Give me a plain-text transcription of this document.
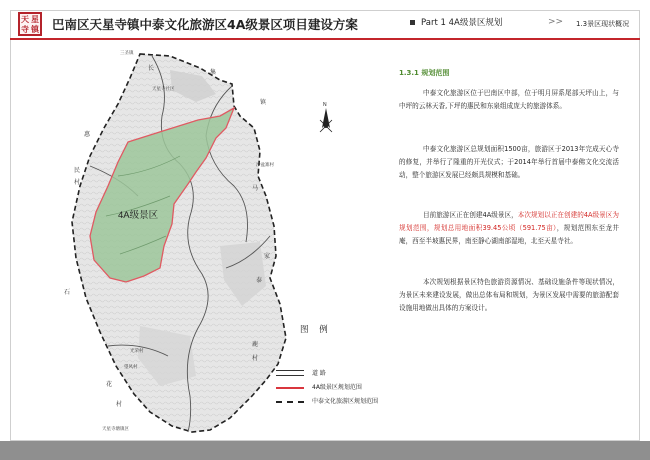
天 星
寺 镇 巴南区天星寺镇中泰文化旅游区4A级景区项目建设方案	Part 1 4A级景区规划	>> 1.3景区现状概况
4A级景区
三圣镇
长
天星寺社区
集
惠
民
村
沙盆寨村
马
镇
家
泰
鹿
村
望风村
石
花
村
光荣村
天星寺塘镇区
N
图 例
道 路
4A级景区规划范围
中泰文化旅游区规划范围
1.3.1 规划范围

中泰文化旅游区位于巴南区中部，位于明月屏系尾部天坪山上，与中坪的云林天香,下坪的惠民和东泉组成庞大的旅游体系。

中泰文化旅游区总规划面积1500亩，旅游区于2013年完成天心寺的修复，并举行了隆重的开光仪式；于2014年举行首届中泰佛文化交流活动，整个旅游区发展已经颇具规模和基础。

目前旅游区正在创建4A级景区，本次规划以正在创建的4A级景区为规划范围，规划总用地面积39.45公顷（591.75亩），规划范围东至龙井庵，西至半坡惠民界，南至静心湖南部湿地，北至天星寺社。

本次规划根据景区特色旅游资源情况、基础设施条件等现状情况，为景区未来建设发展，做出总体布局和规划，为景区发展中需要的旅游配套设施用地做出具体的方案设计。
